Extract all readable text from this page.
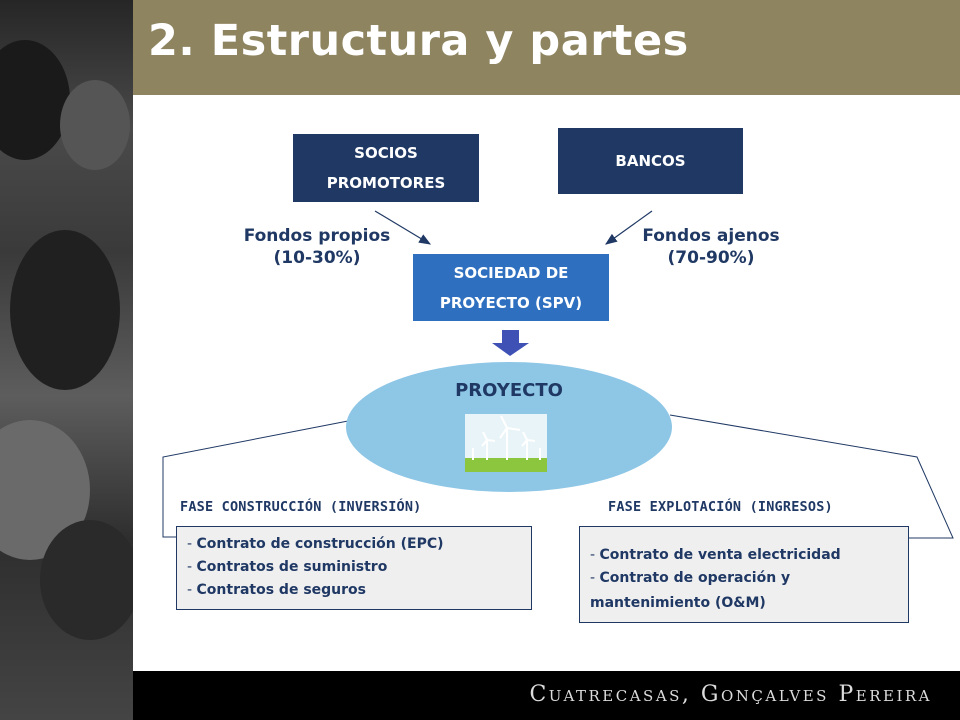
2. Estructura y partes
SOCIOS
PROMOTORES
BANCOS
Fondos propios
(10-30%)
Fondos ajenos
(70-90%)
SOCIEDAD DE
PROYECTO (SPV)
PROYECTO
FASE CONSTRUCCIÓN (INVERSIÓN)	FASE EXPLOTACIÓN (INGRESOS)
- Contrato de construcción (EPC)
- Contratos de suministro
- Contratos de seguros
- Contrato de venta electricidad
- Contrato de operación y
mantenimiento (O&M)
Cuatrecasas, Gonçalves Pereira
